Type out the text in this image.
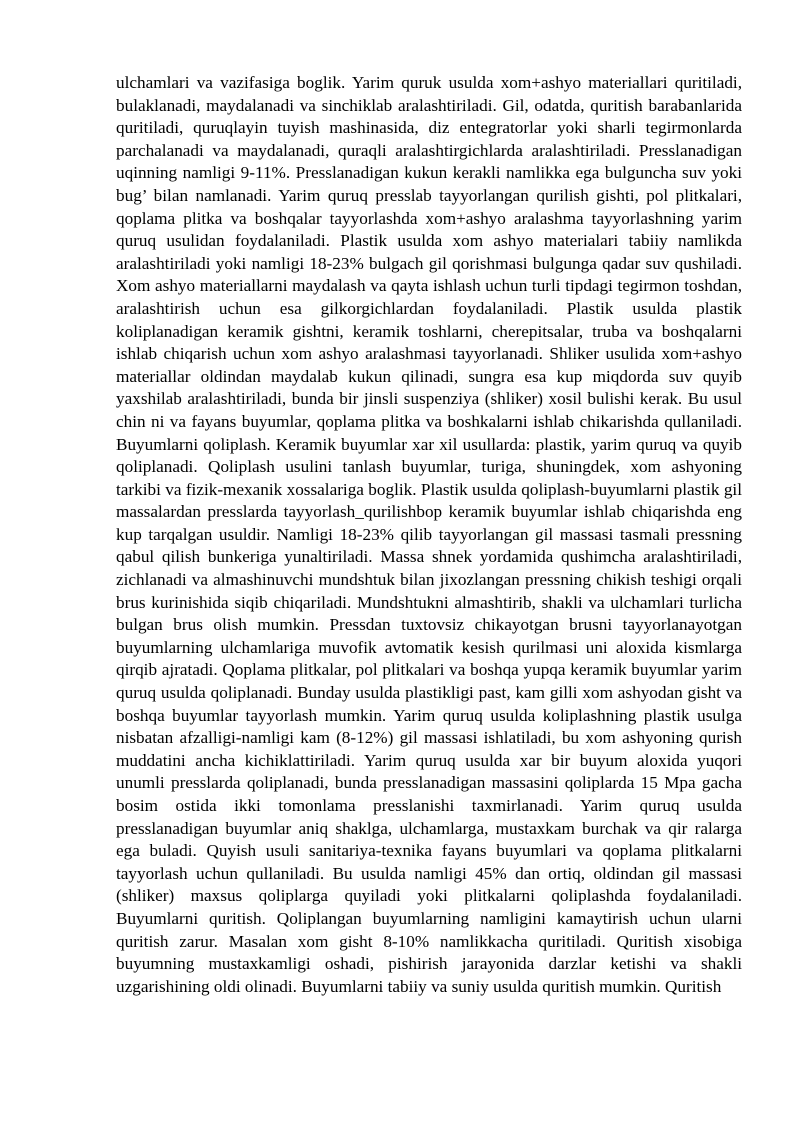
ulchamlari va vazifasiga boglik. Yarim quruk usulda xom+ashyo materiallari quritiladi, bulaklanadi, maydalanadi va sinchiklab aralashtiriladi. Gil, odatda, quritish barabanlarida quritiladi, quruqlayin tuyish mashinasida, diz entegratorlar yoki sharli tegirmonlarda parchalanadi va maydalanadi, quraqli aralashtirgichlarda aralashtiriladi. Presslanadigan uqinning namligi 9-11%. Presslanadigan kukun kerakli namlikka ega bulguncha suv yoki bug’ bilan namlanadi. Yarim quruq presslab tayyorlangan qurilish gishti, pol plitkalari, qoplama plitka va boshqalar tayyorlashda xom+ashyo aralashma tayyorlashning yarim quruq usulidan foydalaniladi. Plastik usulda xom ashyo materialari tabiiy namlikda aralashtiriladi yoki namligi 18-23% bulgach gil qorishmasi bulgunga qadar suv qushiladi. Xom ashyo materiallarni maydalash va qayta ishlash uchun turli tipdagi tegirmon toshdan, aralashtirish uchun esa gilkorgichlardan foydalaniladi. Plastik usulda plastik koliplanadigan keramik gishtni, keramik toshlarni, cherepitsalar, truba va boshqalarni ishlab chiqarish uchun xom ashyo aralashmasi tayyorlanadi. Shliker usulida xom+ashyo materiallar oldindan maydalab kukun qilinadi, sungra esa kup miqdorda suv quyib yaxshilab aralashtiriladi, bunda bir jinsli suspenziya (shliker) xosil bulishi kerak. Bu usul chin ni va fayans buyumlar, qoplama plitka va boshkalarni ishlab chikarishda qullaniladi. Buyumlarni qoliplash. Keramik buyumlar xar xil usullarda: plastik, yarim quruq va quyib qoliplanadi. Qoliplash usulini tanlash buyumlar, turiga, shuningdek, xom ashyoning tarkibi va fizik-mexanik xossalariga boglik. Plastik usulda qoliplash-buyumlarni plastik gil massalardan presslarda tayyorlash_qurilishbop keramik buyumlar ishlab chiqarishda eng kup tarqalgan usuldir. Namligi 18-23% qilib tayyorlangan gil massasi tasmali pressning qabul qilish bunkeriga yunaltiriladi. Massa shnek yordamida qushimcha aralashtiriladi, zichlanadi va almashinuvchi mundshtuk bilan jixozlangan pressning chikish teshigi orqali brus kurinishida siqib chiqariladi. Mundshtukni almashtirib, shakli va ulchamlari turlicha bulgan brus olish mumkin. Pressdan tuxtovsiz chikayotgan brusni tayyorlanayotgan buyumlarning ulchamlariga muvofik avtomatik kesish qurilmasi uni aloxida kismlarga qirqib ajratadi. Qoplama plitkalar, pol plitkalari va boshqa yupqa keramik buyumlar yarim quruq usulda qoliplanadi. Bunday usulda plastikligi past, kam gilli xom ashyodan gisht va boshqa buyumlar tayyorlash mumkin. Yarim quruq usulda koliplashning plastik usulga nisbatan afzalligi-namligi kam (8-12%) gil massasi ishlatiladi, bu xom ashyoning qurish muddatini ancha kichiklattiriladi. Yarim quruq usulda xar bir buyum aloxida yuqori unumli presslarda qoliplanadi, bunda presslanadigan massasini qoliplarda 15 Mpa gacha bosim ostida ikki tomonlama presslanishi taxmirlanadi. Yarim quruq usulda presslanadigan buyumlar aniq shaklga, ulchamlarga, mustaxkam burchak va qir ralarga ega buladi. Quyish usuli sanitariya-texnika fayans buyumlari va qoplama plitkalarni tayyorlash uchun qullaniladi. Bu usulda namligi 45% dan ortiq, oldindan gil massasi (shliker) maxsus qoliplarga quyiladi yoki plitkalarni qoliplashda foydalaniladi. Buyumlarni quritish. Qoliplangan buyumlarning namligini kamaytirish uchun ularni quritish zarur. Masalan xom gisht 8-10% namlikkacha quritiladi. Quritish xisobiga buyumning mustaxkamligi oshadi, pishirish jarayonida darzlar ketishi va shakli uzgarishining oldi olinadi. Buyumlarni tabiiy va suniy usulda quritish mumkin. Quritish
